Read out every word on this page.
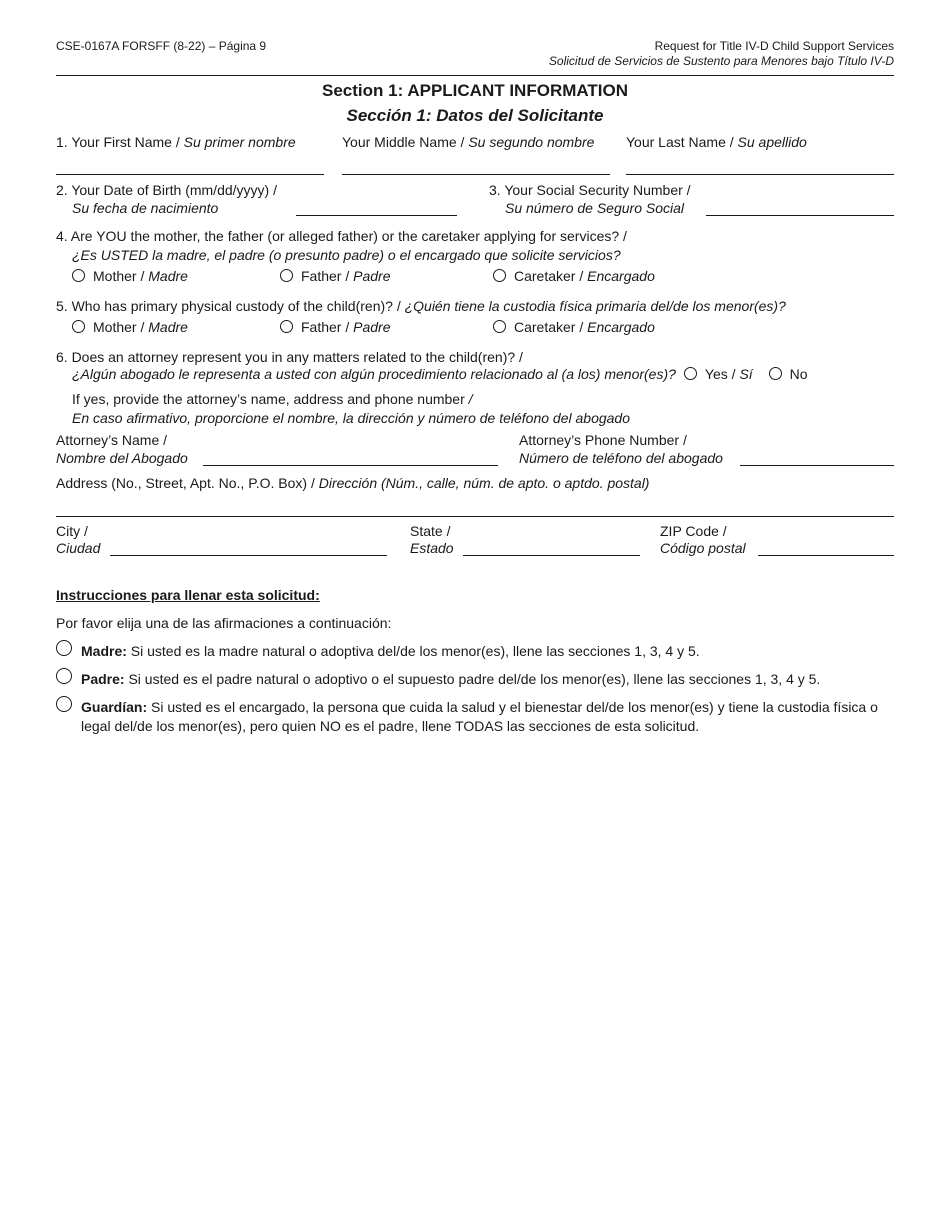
CSE-0167A FORSFF (8-22) – Página 9	Request for Title IV-D Child Support Services
Solicitud de Servicios de Sustento para Menores bajo Título IV-D
Section 1: APPLICANT INFORMATION
Sección 1: Datos del Solicitante
1. Your First Name / Su primer nombre	Your Middle Name / Su segundo nombre Your Last Name / Su apellido
2. Your Date of Birth (mm/dd/yyyy) /
Su fecha de nacimiento
3. Your Social Security Number /
Su número de Seguro Social
4. Are YOU the mother, the father (or alleged father) or the caretaker applying for services? /
¿Es USTED la madre, el padre (o presunto padre) o el encargado que solicite servicios?
Mother / Madre	Father / Padre	Caretaker / Encargado
5. Who has primary physical custody of the child(ren)? / ¿Quién tiene la custodia física primaria del/de los menor(es)?
Mother / Madre	Father / Padre	Caretaker / Encargado
6. Does an attorney represent you in any matters related to the child(ren)? /
¿Algún abogado le representa a usted con algún procedimiento relacionado al (a los) menor(es)? Yes / Sí	No
If yes, provide the attorney’s name, address and phone number /
En caso afirmativo, proporcione el nombre, la dirección y número de teléfono del abogado
Attorney’s Name /
Nombre del Abogado
Attorney’s Phone Number /
Número de teléfono del abogado
Address (No., Street, Apt. No., P.O. Box) / Dirección (Núm., calle, núm. de apto. o aptdo. postal)
City /
Ciudad
State /
Estado
ZIP Code /
Código postal
Instrucciones para llenar esta solicitud:
Por favor elija una de las afirmaciones a continuación:
Madre: Si usted es la madre natural o adoptiva del/de los menor(es), llene las secciones 1, 3, 4 y 5.
Padre: Si usted es el padre natural o adoptivo o el supuesto padre del/de los menor(es), llene las secciones 1, 3, 4 y 5.
Guardían: Si usted es el encargado, la persona que cuida la salud y el bienestar del/de los menor(es) y tiene la custodia física o legal del/de los menor(es), pero quien NO es el padre, llene TODAS las secciones de esta solicitud.
